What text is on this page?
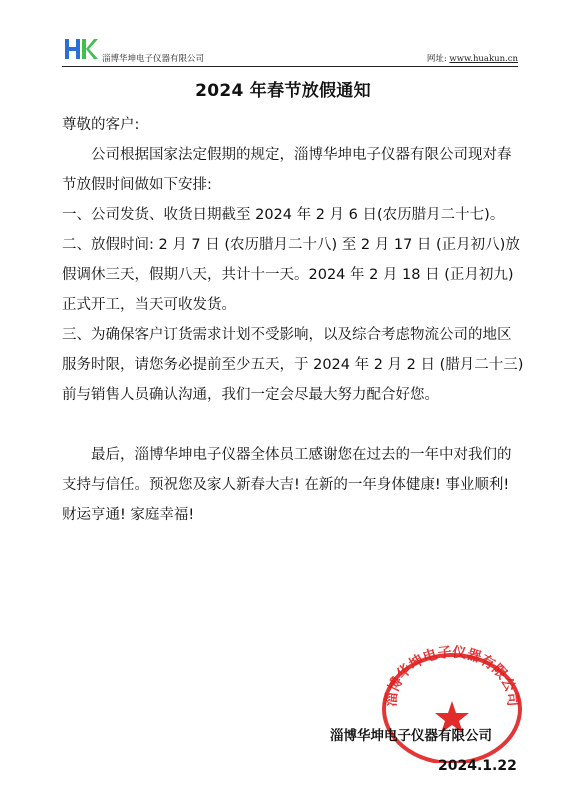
淄博华坤电子仪器有限公司	网址: www.huakun.cn
2024 年春节放假通知

尊敬的客户:

公司根据国家法定假期的规定，淄博华坤电子仪器有限公司现对春节放假时间做如下安排:

一、公司发货、收货日期截至 2024 年 2 月 6 日(农历腊月二十七)。

二、放假时间: 2 月 7 日 (农历腊月二十八) 至 2 月 17 日 (正月初八)放假调休三天，假期八天，共计十一天。2024 年 2 月 18 日 (正月初九)正式开工，当天可收发货。

三、为确保客户订货需求计划不受影响，以及综合考虑物流公司的地区服务时限，请您务必提前至少五天，于 2024 年 2 月 2 日 (腊月二十三)前与销售人员确认沟通，我们一定会尽最大努力配合好您。

最后，淄博华坤电子仪器全体员工感谢您在过去的一年中对我们的支持与信任。预祝您及家人新春大吉! 在新的一年身体健康! 事业顺利! 财运亨通! 家庭幸福!

淄博华坤电子仪器有限公司
淄博华坤电子仪器有限公司
2024.1.22
